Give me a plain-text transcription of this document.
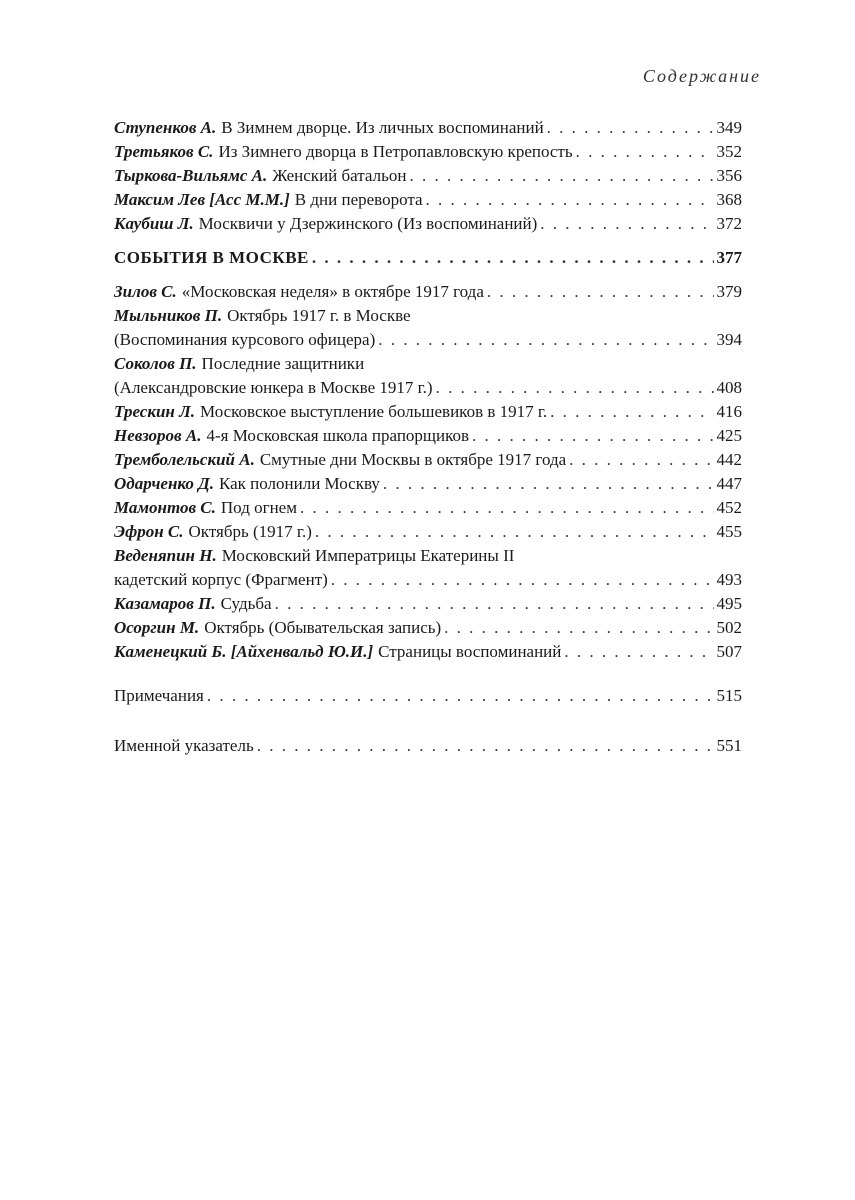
Содержание
Ступенков А. В Зимнем дворце. Из личных воспоминаний . . .	349
Третьяков С. Из Зимнего дворца в Петропавловскую крепость . . .	352
Тыркова-Вильямс А. Женский батальон . . .	356
Максим Лев [Асс М.М.] В дни переворота . . .	368
Каубиш Л. Москвичи у Дзержинского (Из воспоминаний) . . .	372
СОБЫТИЯ В МОСКВЕ . . .	377
Зилов С. «Московская неделя» в октябре 1917 года . . .	379
Мыльников П. Октябрь 1917 г. в Москве
(Воспоминания курсового офицера) . . .	394
Соколов П. Последние защитники
(Александровские юнкера в Москве 1917 г.) . . .	408
Трескин Л. Московское выступление большевиков в 1917 г. . . .	416
Невзоров А. 4-я Московская школа прапорщиков . . .	425
Тремболельский А. Смутные дни Москвы в октябре 1917 года . . .	442
Одарченко Д. Как полонили Москву . . .	447
Мамонтов С. Под огнем . . .	452
Эфрон С. Октябрь (1917 г.) . . .	455
Веденяпин Н. Московский Императрицы Екатерины II
кадетский корпус (Фрагмент) . . .	493
Казамаров П. Судьба . . .	495
Осоргин М. Октябрь (Обывательская запись) . . .	502
Каменецкий Б. [Айхенвальд Ю.И.] Страницы воспоминаний . . .	507
Примечания . . .	515
Именной указатель . . .	551
